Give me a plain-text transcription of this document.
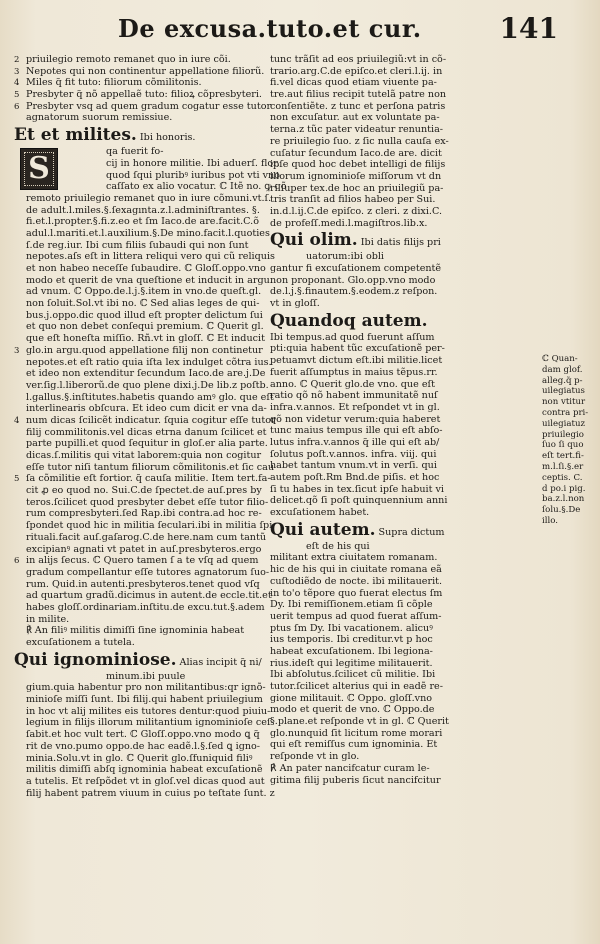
De excusa.tuto.et cur.	141
2 priuilegio remoto remanet quo in iure cõi.
3 Nepotes qui non continentur appellatione filiorũ.
4 Miles q̃ fit tuto: filiorum cõmilitonis.
5 Presbyter q̃ nõ appellaẽ tuto: filioꝝ cõpresbyteri.
6 Presbyter vsq ad quem gradum cogatur esse tutor
agnatorum suorum remissiue.
Et et milites. Ibi honoris.
S	qa fuerit fo-
cij in honore militie. Ibi aduerſ. flor.
quod ſqui pluribꝰ iuribus pot vti vno
caſſato ex alio vocatur. ℂ Itẽ no. ꝙ qõ
remoto priuilegio remanet quo in iure cõmuni.vt.ſ.
de adult.l.miles.§.ſexagınta.z.l.adminiſtrantes. §.
fi.et.l.propter.§.fi.z.eo et ſm Iaco.de are.facit.C.õ
adul.l.mariti.et.l.auxilium.§.De mino.facit.l.quoties
ſ.de reg.iur. Ibi cum filiis ſubaudi qui non ſunt
nepotes.aſs eſt in littera reliqui vero qui cũ reliquis
et non habeo neceſſe ſubaudire. ℂ Gloſſ.oppo.vno
modo et querit de vna queſtione et inducit in argu.
ad vnum. ℂ Oppo.de.l.j.§.item in vno.de queſt.gl.
non ſoluit.Sol.vt ibi no. ℂ Sed alias leges de qui-
bus.j.oppo.dic quod illud eſt propter delictum ſui
et quo non debet conſequi premium. ℂ Querit gl.
que eſt honeſta miſſio. Rñ.vt in gloſſ. ℂ Et inducit
3 glo.in argu.quod appellatione filij non continetur
nepotes.et eſt ratio quia iſta lex indulget cõtra ius.
et ideo non extenditur ſecundum Iaco.de are.j.De
ver.ſig.l.liberorũ.de quo plene dixi.j.De lib.z poſtb.
l.gallus.§.inſtitutes.habetis quando amꝰ glo. que eſt
interlinearis obſcura. Et ideo cum dicit er vna da-
4 num dicas ſcilicẽt indicatur. ſquia cogitur eſſe tutor
filij commilitonis.vel dicas etrna danum ſcilicet et
parte pupilli.et quod ſequitur in gloſ.er alia parte.
dicas.ſ.militis qui vitat laborem:quia non cogitur
eſſe tutor niſi tantum filiorum cõmilitonis.et ſic cau
5 ſa cõmilitie eſt fortior. q̃ cauſa militie. Item tert.fa-
cit ꝓ eo quod no. Sui.C.de ſpectet.de auſ.pres by
teros.ſcilicet quod presbyter debet eſſe tutor filio-
rum compresbyteri.ſed Rap.ibi contra.ad hoc re-
ſpondet quod hic in militia ſeculari.ibi in militia ſpi
rituali.facit auſ.gaſarog.C.de here.nam cum tantũ
excipianꝰ agnati vt patet in auſ.presbyteros.ergo
6 in alijs ſecus. ℂ Quero tamen ſ a te vſq ad quem
gradum compellantur eſſe tutores agnatorum ſuo-
rum. Quid.in autenti.presbyteros.tenet quod vſq
ad quartum gradũ.dicimus in autent.de eccle.tit.et
habes gloſſ.ordinariam.inſtitu.de excu.tut.§.adem
in milite.
℟ An filiꝰ militis dimiſſi ſine ignominia habeat
excuſationem a tutela.
Qui ignominiose. Alias incipit q̃ ni/
minum.ibi puule
gium.quia habentur pro non militantibus:qr ignõ-
minioſe miſſi ſunt. Ibi filij.qui habent priuilegium
in hoc vt alij milites eis tutores dentur:quod piuiu-
legium in filijs illorum militantium ignominioſe ceſ-
ſabit.et hoc vult tert. ℂ Gloſſ.oppo.vno modo ꝗ q̃
rit de vno.pumo oppo.de hac eadẽ.l.§.ſed ꝗ igno-
minia.Solu.vt in glo. ℂ Querit glo.ſfuniquid filiꝰ
militis dimiſſi abſq ignominia habeat excuſationẽ
a tutelis. Et reſpõdet vt in gloſ.vel dicas quod aut
filij habent patrem viuum in cuius po teſtate ſunt. z
tunc trãſit ad eos priuilegiũ:vt in cõ-
trario.arg.C.de epiſco.et cleri.l.ij. in
fi.vel dicas quod etiam viuente pa-
tre.aut filius recipit tutelã patre non
conſentiẽte. z tunc et perſona patris
non excuſatur. aut ex voluntate pa-
terna.z tũc pater videatur renuntia-
re priuilegio ſuo. z ſic nulla cauſa ex-
cuſatur ſecundum Iaco.de are. dicit
ipſe quod hoc debet intelligi de filijs
illorum ignominioſe miſſorum vt dn
ri ſuper tex.de hoc an priuilegiũ pa-
tris tranſit ad filios habeo per Sui.
in.d.l.ij.C.de epiſco. z cleri. z dixi.C.
de profeſſ.medi.l.magiſtros.lib.x.
Qui olim. Ibi datis filijs pri
uatorum:ibi obli
gantur fi excuſationem competentẽ
non proponant. Glo.opp.vno modo
de.l.j.§.finautem.§.eodem.z reſpon.
vt in gloſſ.
Quandoq autem.
Ibi tempus.ad quod fuerunt aſſum
pti:quia habent tũc excuſationẽ per-
petuamvt dictum eſt.ibi militie.licet
fuerit aſſumptus in maius tẽpus.rr.
anno. ℂ Querit glo.de vno. que eſt
ratio qõ nõ habent immunitatẽ nuſ
infra.v.annos. Et reſpondet vt in gl.
qõ non videtur verum:quia haberet
tunc maius tempus ille qui eſt abſo-
lutus infra.v.annos q̃ ille qui eſt ab/
ſolutus poſt.v.annos. infra. viij. qui
habet tantum vnum.vt in verſi. qui
autem poſt.Rm Bnd.de piſis. et hoc
ſi tu habes in tex.ſicut ipſe habuit vi
delicet.qõ ſi poſt quinquennium anni
excuſationem habet.
Qui autem. Supra dictum
eſt de his qui
militant extra ciuitatem romanam.
hic de his qui in ciuitate romana eã
cuſtodiẽdo de nocte. ibi militauerit.
in to'o tẽpore quo fuerat electus ſm
Dy. Ibi remiſſionem.etiam ſi cõple
uerit tempus ad quod fuerat aſſum-
ptus ſm Dy. Ibi vacationem. alicuꝰ
ius temporis. Ibi creditur.vt p hoc
habeat excuſationem. Ibi legiona-
rius.ideſt qui legitime militauerit.
Ibi abſolutus.ſcilicet cũ militie. Ibi
tutor.ſcilicet alterius qui in eadẽ re-
gione militauit. ℂ Oppo. gloſſ.vno
modo et querit de vno. ℂ Oppo.de
§.plane.et reſponde vt in gl. ℂ Querit
glo.nunquid ſit licitum rome morari
qui eſt remiſſus cum ignominia. Et
reſponde vt in glo.
℟ An pater nancifcatur curam le-
gitima filij puberis ſicut nancifcitur
ℂ Quan-
dam glof.
alleg.q̃ p-
uilegiatus
non vtitur
contra pri-
uilegiatuz
priuilegio
ſuo ſi quo
eſt tert.fi-
m.l.ſi.§.er
ceptis. C.
d po.i pig.
ba.z.l.non
ſolu.§.De
illo.
